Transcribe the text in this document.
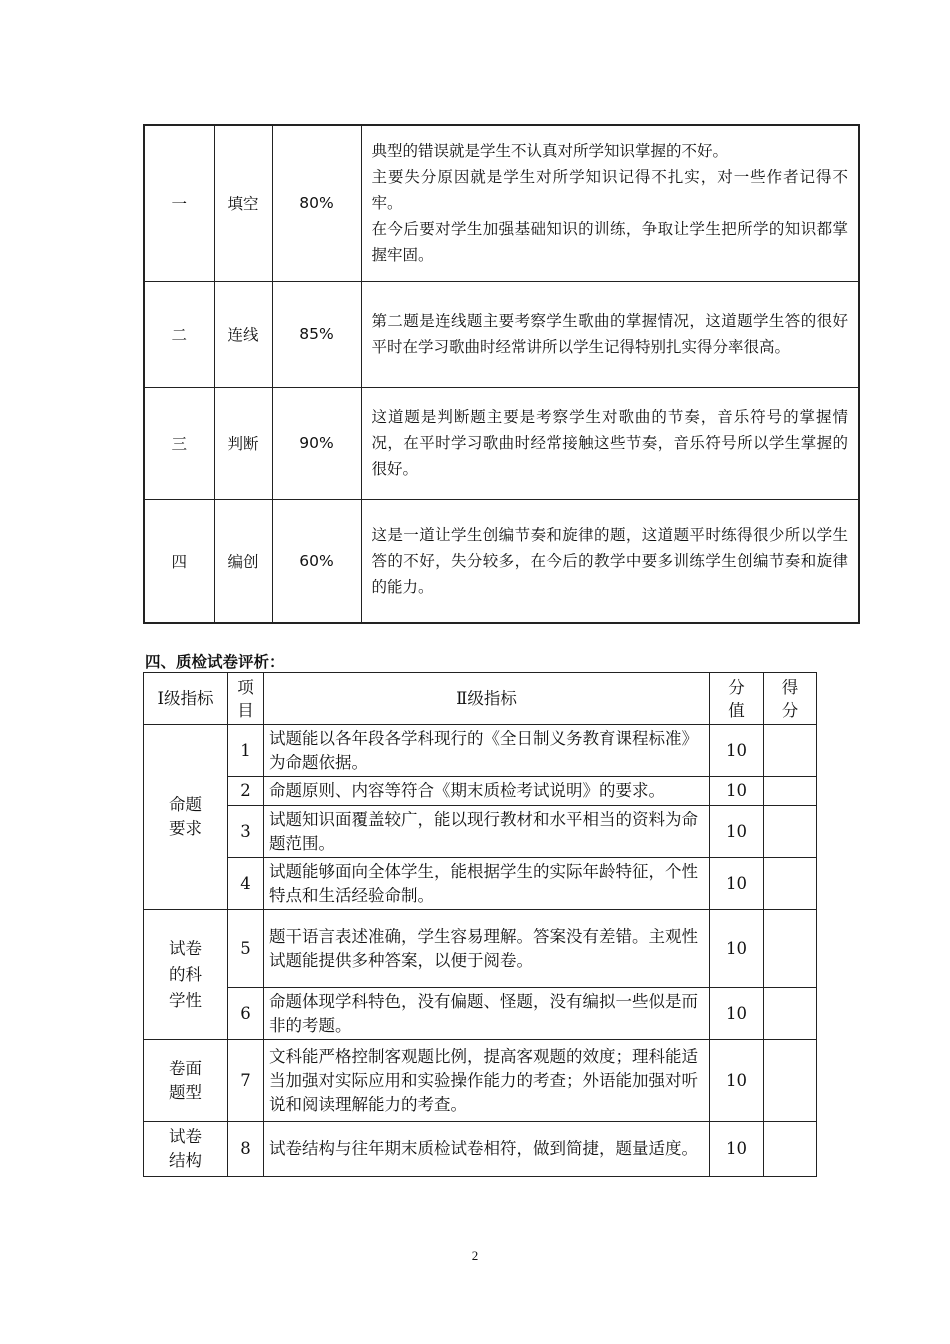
一	填空	80%	典型的错误就是学生不认真对所学知识掌握的不好。
主要失分原因就是学生对所学知识记得不扎实，对一些作者记得不牢。
在今后要对学生加强基础知识的训练，争取让学生把所学的知识都掌握牢固。

二	连线	85%	第二题是连线题主要考察学生歌曲的掌握情况，这道题学生答的很好平时在学习歌曲时经常讲所以学生记得特别扎实得分率很高。

三	判断	90%	这道题是判断题主要是考察学生对歌曲的节奏，音乐符号的掌握情况，在平时学习歌曲时经常接触这些节奏，音乐符号所以学生掌握的很好。

四	编创	60%	这是一道让学生创编节奏和旋律的题，这道题平时练得很少所以学生答的不好，失分较多，在今后的教学中要多训练学生创编节奏和旋律的能力。
四、质检试卷评析：
Ⅰ级指标	项目	Ⅱ级指标	分值	得分
命题要求	1	试题能以各年段各学科现行的《全日制义务教育课程标准》为命题依据。	10	
	2	命题原则、内容等符合《期末质检考试说明》的要求。	10	
	3	试题知识面覆盖较广，能以现行教材和水平相当的资料为命题范围。	10	
	4	试题能够面向全体学生，能根据学生的实际年龄特征，个性特点和生活经验命制。	10	
试卷的科学性	5	题干语言表述准确，学生容易理解。答案没有差错。主观性试题能提供多种答案，以便于阅卷。	10	
	6	命题体现学科特色，没有偏题、怪题，没有编拟一些似是而非的考题。	10	
卷面题型	7	文科能严格控制客观题比例，提高客观题的效度；理科能适当加强对实际应用和实验操作能力的考查；外语能加强对听说和阅读理解能力的考查。	10	
试卷结构	8	试卷结构与往年期末质检试卷相符，做到简捷，题量适度。	10	
2
